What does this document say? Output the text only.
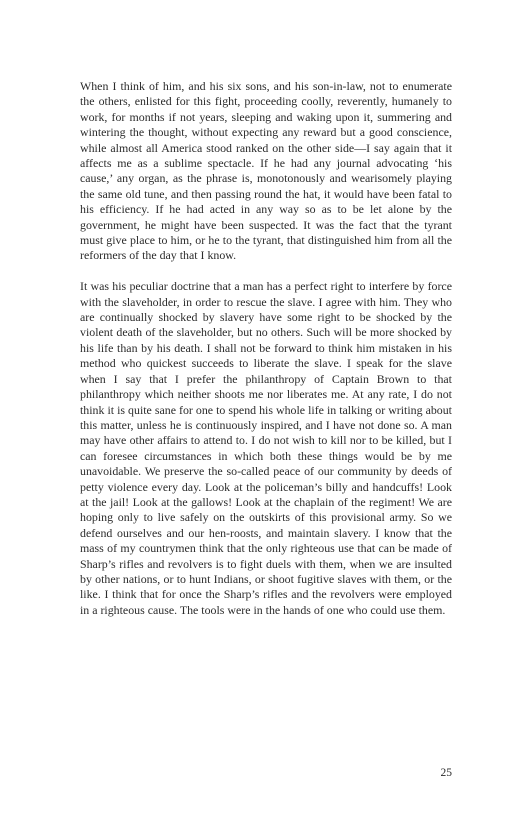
When I think of him, and his six sons, and his son-in-law, not to enumerate the others, enlisted for this fight, proceeding coolly, reverently, humanely to work, for months if not years, sleeping and waking upon it, summering and wintering the thought, without expecting any reward but a good conscience, while almost all America stood ranked on the other side—I say again that it affects me as a sublime spectacle. If he had any journal advocating ‘his cause,’ any organ, as the phrase is, monotonously and wearisomely playing the same old tune, and then passing round the hat, it would have been fatal to his efficiency. If he had acted in any way so as to be let alone by the government, he might have been suspected. It was the fact that the tyrant must give place to him, or he to the tyrant, that distinguished him from all the reformers of the day that I know.

It was his peculiar doctrine that a man has a perfect right to interfere by force with the slaveholder, in order to rescue the slave. I agree with him. They who are continually shocked by slavery have some right to be shocked by the violent death of the slaveholder, but no others. Such will be more shocked by his life than by his death. I shall not be forward to think him mistaken in his method who quickest succeeds to liberate the slave. I speak for the slave when I say that I prefer the philanthropy of Captain Brown to that philanthropy which neither shoots me nor liberates me. At any rate, I do not think it is quite sane for one to spend his whole life in talking or writing about this matter, unless he is continuously inspired, and I have not done so. A man may have other affairs to attend to. I do not wish to kill nor to be killed, but I can foresee circumstances in which both these things would be by me unavoidable. We preserve the so-called peace of our community by deeds of petty violence every day. Look at the policeman’s billy and handcuffs! Look at the jail! Look at the gallows! Look at the chaplain of the regiment! We are hoping only to live safely on the outskirts of this provisional army. So we defend ourselves and our hen-roosts, and maintain slavery. I know that the mass of my countrymen think that the only righteous use that can be made of Sharp’s rifles and revolvers is to fight duels with them, when we are insulted by other nations, or to hunt Indians, or shoot fugitive slaves with them, or the like. I think that for once the Sharp’s rifles and the revolvers were employed in a righteous cause. The tools were in the hands of one who could use them.

25
